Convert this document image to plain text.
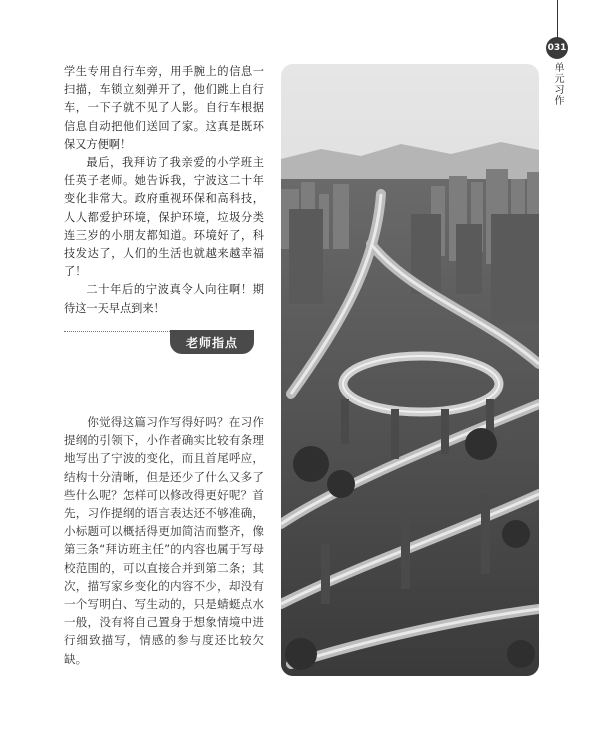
031
单元习作

学生专用自行车旁，用手腕上的信息一扫描，车锁立刻弹开了，他们跳上自行车，一下子就不见了人影。自行车根据信息自动把他们送回了家。这真是既环保又方便啊！

最后，我拜访了我亲爱的小学班主任英子老师。她告诉我，宁波这二十年变化非常大。政府重视环保和高科技，人人都爱护环境，保护环境，垃圾分类连三岁的小朋友都知道。环境好了，科技发达了，人们的生活也就越来越幸福了！

二十年后的宁波真令人向往啊！期待这一天早点到来！

老师指点

你觉得这篇习作写得好吗？在习作提纲的引领下，小作者确实比较有条理地写出了宁波的变化，而且首尾呼应，结构十分清晰，但是还少了什么又多了些什么呢？怎样可以修改得更好呢？首先，习作提纲的语言表达还不够准确，小标题可以概括得更加简洁而整齐，像第三条“拜访班主任”的内容也属于写母校范围的，可以直接合并到第二条；其次，描写家乡变化的内容不少，却没有一个写明白、写生动的，只是蜻蜓点水一般，没有将自己置身于想象情境中进行细致描写，情感的参与度还比较欠缺。
